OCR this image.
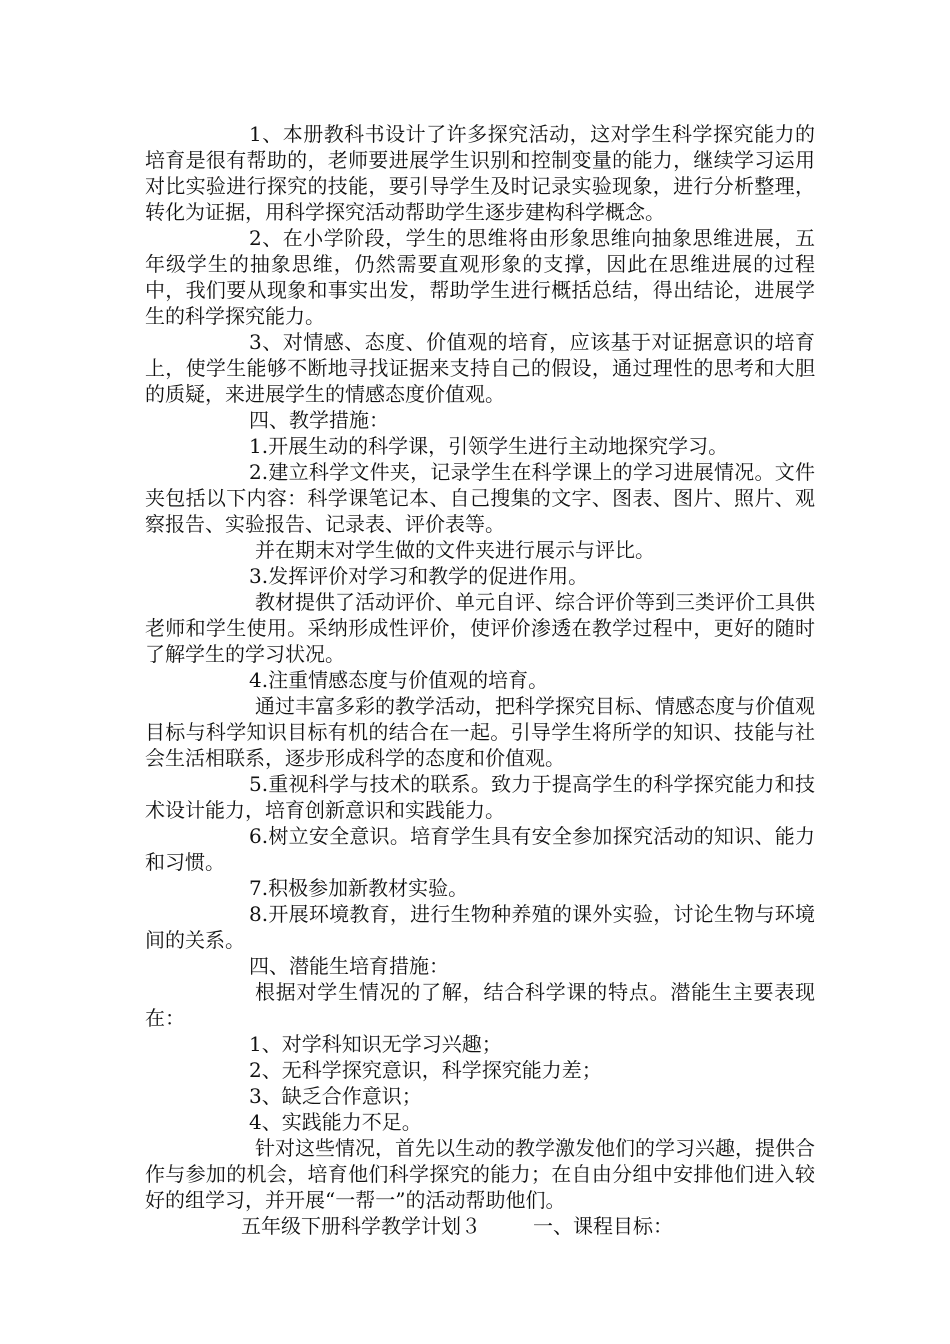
1、本册教科书设计了许多探究活动，这对学生科学探究能力的培育是很有帮助的，老师要进展学生识别和控制变量的能力，继续学习运用对比实验进行探究的技能，要引导学生及时记录实验现象，进行分析整理，转化为证据，用科学探究活动帮助学生逐步建构科学概念。

2、在小学阶段，学生的思维将由形象思维向抽象思维进展，五年级学生的抽象思维，仍然需要直观形象的支撑，因此在思维进展的过程中，我们要从现象和事实出发，帮助学生进行概括总结，得出结论，进展学生的科学探究能力。

3、对情感、态度、价值观的培育，应该基于对证据意识的培育上，使学生能够不断地寻找证据来支持自己的假设，通过理性的思考和大胆的质疑，来进展学生的情感态度价值观。

四、教学措施：

1.开展生动的科学课，引领学生进行主动地探究学习。

2.建立科学文件夹，记录学生在科学课上的学习进展情况。文件夹包括以下内容：科学课笔记本、自己搜集的文字、图表、图片、照片、观察报告、实验报告、记录表、评价表等。

并在期末对学生做的文件夹进行展示与评比。

3.发挥评价对学习和教学的促进作用。

教材提供了活动评价、单元自评、综合评价等到三类评价工具供老师和学生使用。采纳形成性评价，使评价渗透在教学过程中，更好的随时了解学生的学习状况。

4.注重情感态度与价值观的培育。

通过丰富多彩的教学活动，把科学探究目标、情感态度与价值观目标与科学知识目标有机的结合在一起。引导学生将所学的知识、技能与社会生活相联系，逐步形成科学的态度和价值观。

5.重视科学与技术的联系。致力于提高学生的科学探究能力和技术设计能力，培育创新意识和实践能力。

6.树立安全意识。培育学生具有安全参加探究活动的知识、能力和习惯。

7.积极参加新教材实验。

8.开展环境教育，进行生物种养殖的课外实验，讨论生物与环境间的关系。

四、潜能生培育措施：

根据对学生情况的了解，结合科学课的特点。潜能生主要表现在：

1、对学科知识无学习兴趣；

2、无科学探究意识，科学探究能力差；

3、缺乏合作意识；

4、实践能力不足。

针对这些情况，首先以生动的教学激发他们的学习兴趣，提供合作与参加的机会，培育他们科学探究的能力；在自由分组中安排他们进入较好的组学习，并开展“一帮一”的活动帮助他们。

五年级下册科学教学计划３	一、课程目标：
